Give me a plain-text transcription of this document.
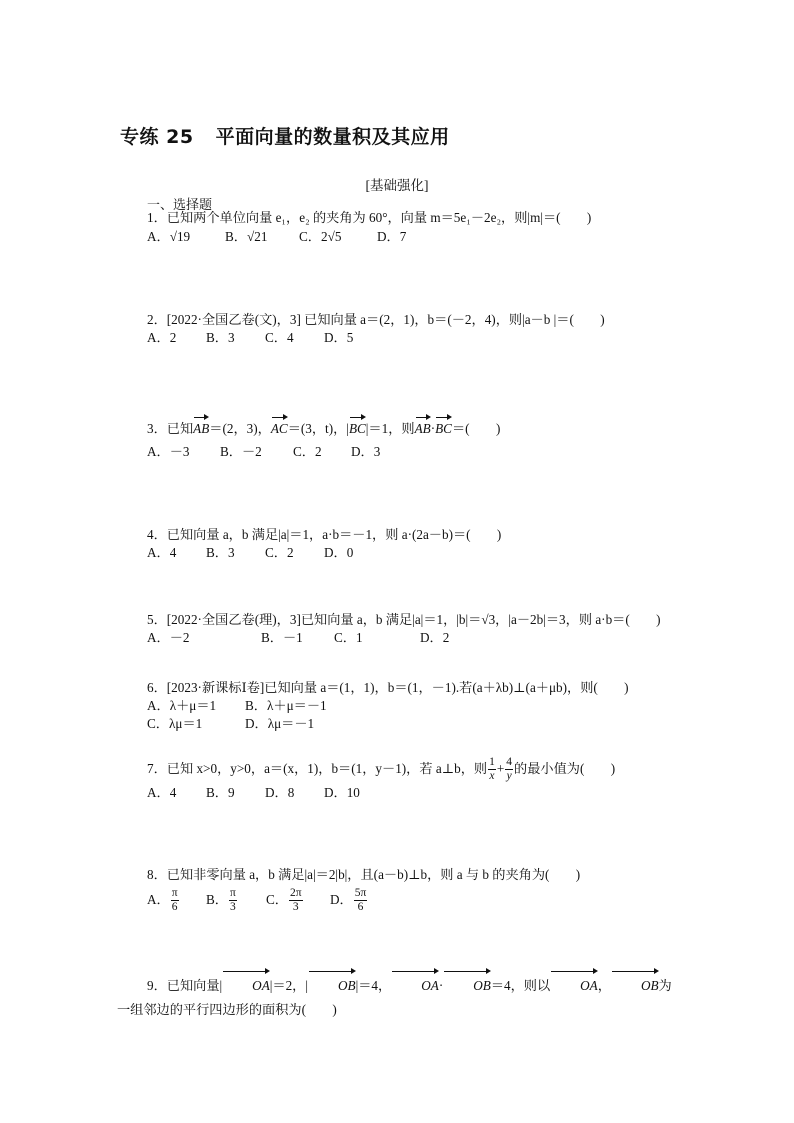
专练 25 平面向量的数量积及其应用
[基础强化]
一、选择题
1．已知两个单位向量 e₁，e₂ 的夹角为 60°，向量 m＝5e₁－2e₂，则|m|＝(　　)
A．√19	B．√21 C．2√5	D．7
2．[2022·全国乙卷(文)，3] 已知向量 a＝(2，1)，b＝(－2，4)，则|a－b |＝(　　)
A．2 B．3 C．4 D．5
3．已知AB＝(2，3)，AC＝(3，t)，|BC|＝1，则AB·BC＝(　　)
A．－3 B．－2 C．2 D．3
4．已知向量 a，b 满足|a|＝1，a·b＝－1，则 a·(2a－b)＝(　　)
A．4 B．3 C．2 D．0
5．[2022·全国乙卷(理)，3]已知向量 a，b 满足|a|＝1，|b|＝√3，|a－2b|＝3，则 a·b＝(　　)
A．－2	B．－1 C．1	D．2
6．[2023·新课标Ⅰ卷]已知向量 a＝(1，1)，b＝(1，－1).若(a＋λb)⊥(a＋μb)，则(　　)
A．λ＋μ＝1 B．λ＋μ＝－1
C．λμ＝1	D．λμ＝－1
7．已知 x>0，y>0，a＝(x，1)，b＝(1，y－1)，若 a⊥b，则 $\frac{1}{x} + \frac{4}{y}$ 的最小值为(　　)
A．4 B．9 D．8 D．10
8．已知非零向量 a，b 满足|a|＝2|b|，且(a－b)⊥b，则 a 与 b 的夹角为(　　)
A． $\frac{\pi}{6}$ B． $\frac{\pi}{3}$ C． $\frac{2\pi}{3}$ D． $\frac{5\pi}{6}$
9．已知向量| OA|＝2，| OB|＝4， OA· OB＝4，则以 OA， OB为一组邻边的平行四边形的面积为(　　)
